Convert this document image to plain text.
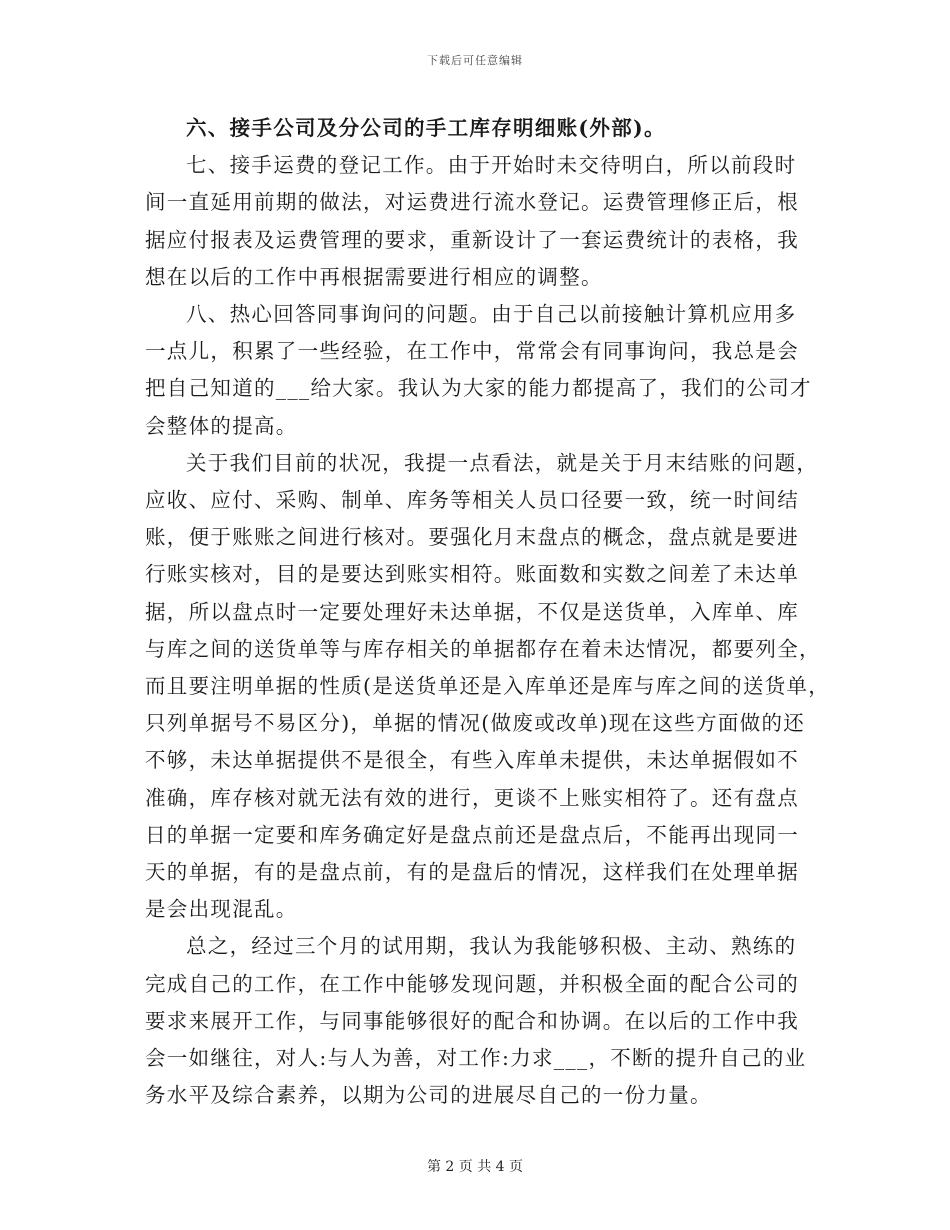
下载后可任意编辑
六、接手公司及分公司的手工库存明细账(外部)。
七、接手运费的登记工作。由于开始时未交待明白，所以前段时
间一直延用前期的做法，对运费进行流水登记。运费管理修正后，根
据应付报表及运费管理的要求，重新设计了一套运费统计的表格，我
想在以后的工作中再根据需要进行相应的调整。
八、热心回答同事询问的问题。由于自己以前接触计算机应用多
一点儿，积累了一些经验，在工作中，常常会有同事询问，我总是会
把自己知道的___给大家。我认为大家的能力都提高了，我们的公司才
会整体的提高。
关于我们目前的状况，我提一点看法，就是关于月末结账的问题，
应收、应付、采购、制单、库务等相关人员口径要一致，统一时间结
账，便于账账之间进行核对。要强化月末盘点的概念，盘点就是要进
行账实核对，目的是要达到账实相符。账面数和实数之间差了未达单
据，所以盘点时一定要处理好未达单据，不仅是送货单，入库单、库
与库之间的送货单等与库存相关的单据都存在着未达情况，都要列全，
而且要注明单据的性质(是送货单还是入库单还是库与库之间的送货单，
只列单据号不易区分)，单据的情况(做废或改单)现在这些方面做的还
不够，未达单据提供不是很全，有些入库单未提供，未达单据假如不
准确，库存核对就无法有效的进行，更谈不上账实相符了。还有盘点
日的单据一定要和库务确定好是盘点前还是盘点后，不能再出现同一
天的单据，有的是盘点前，有的是盘后的情况，这样我们在处理单据
是会出现混乱。
总之，经过三个月的试用期，我认为我能够积极、主动、熟练的
完成自己的工作，在工作中能够发现问题，并积极全面的配合公司的
要求来展开工作，与同事能够很好的配合和协调。在以后的工作中我
会一如继往，对人:与人为善，对工作:力求___，不断的提升自己的业
务水平及综合素养，以期为公司的进展尽自己的一份力量。
第 2 页 共 4 页
